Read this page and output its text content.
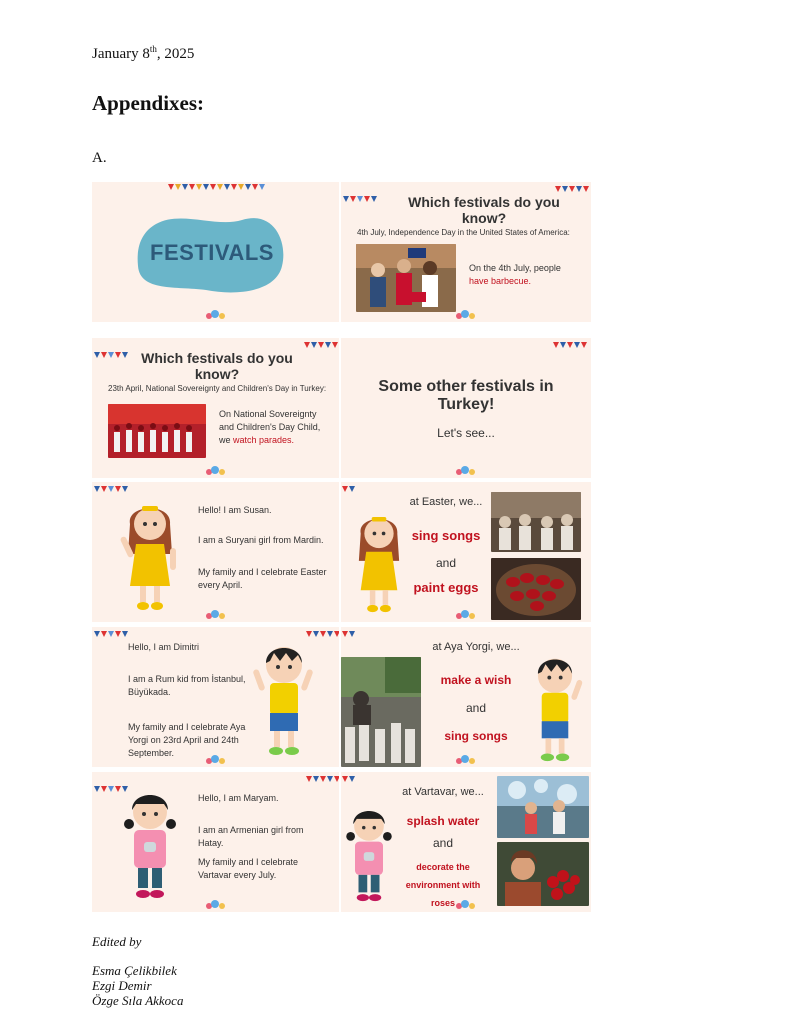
January 8th, 2025
Appendixes:
A.
FESTIVALS
Which festivals do you know?
4th July, Independence Day in the United States of America:
On the 4th July, people have barbecue.
Which festivals do you know?
23th April, National Sovereignty and Children's Day in Turkey:
On National Sovereignty and Children's Day Child, we watch parades.
Some other festivals in Turkey!
Let's see...
Hello! I am Susan.
I am a Suryani girl from Mardin.
My family and I celebrate Easter every April.
at Easter, we...
sing songs
and
paint eggs
Hello, I am Dimitri
I am a Rum kid from İstanbul, Büyükada.
My family and I celebrate Aya Yorgi on 23rd April and 24th September.
at Aya Yorgi, we...
make a wish
and
sing songs
Hello, I am Maryam.
I am an Armenian girl from Hatay.
My family and I celebrate Vartavar every July.
at Vartavar, we...
splash water
and
decorate the environment with roses
Edited by
Esma Çelikbilek
Ezgi Demir
Özge Sıla Akkoca
